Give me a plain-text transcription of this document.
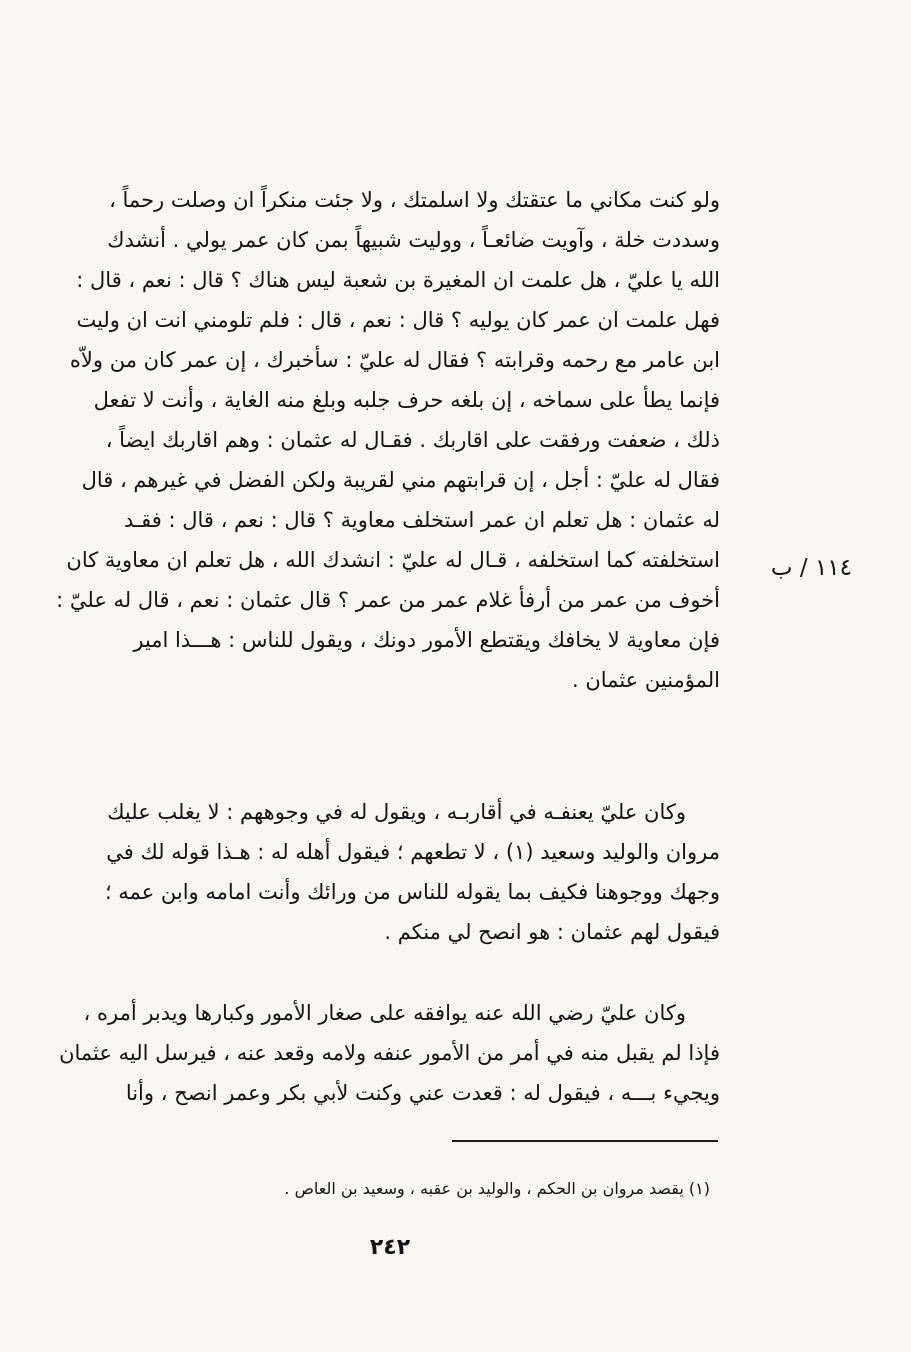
ولو كنت مكاني ما عتقتك ولا اسلمتك ، ولا جئت منكراً ان وصلت رحماً ،
وسددت خلة ، وآويت ضائعـاً ، ووليت شبيهاً بمن كان عمر يولي . أنشدك
الله يا عليّ ، هل علمت ان المغيرة بن شعبة ليس هناك ؟ قال : نعم ، قال :
فهل علمت ان عمر كان يوليه ؟ قال : نعم ، قال : فلم تلومني انت ان وليت
ابن عامر مع رحمه وقرابته ؟ فقال له عليّ : سأخبرك ، إن عمر كان من ولاّه
فإنما يطأ على سماخه ، إن بلغه حرف جلبه وبلغ منه الغاية ، وأنت لا تفعل
ذلك ، ضعفت ورفقت على اقاربك . فقـال له عثمان : وهم اقاربك ايضاً ،
فقال له عليّ : أجل ، إن قرابتهم مني لقريبة ولكن الفضل في غيرهم ، قال
له عثمان : هل تعلم ان عمر استخلف معاوية ؟ قال : نعم ، قال : فقـد
استخلفته كما استخلفه ، قـال له عليّ : انشدك الله ، هل تعلم ان معاوية كان
أخوف من عمر من أرفأ غلام عمر من عمر ؟ قال عثمان : نعم ، قال له عليّ :
فإن معاوية لا يخافك ويقتطع الأمور دونك ، ويقول للناس : هـــذا امير
المؤمنين عثمان .
١١٤ / ب
وكان عليّ يعنفـه في أقاربـه ، ويقول له في وجوههم : لا يغلب عليك
مروان والوليد وسعيد (١) ، لا تطعهم ؛ فيقول أهله له : هـذا قوله لك في
وجهك ووجوهنا فكيف بما يقوله للناس من ورائك وأنت امامه وابن عمه ؛
فيقول لهم عثمان : هو انصح لي منكم .
وكان عليّ رضي الله عنه يوافقه على صغار الأمور وكبارها ويدبر أمره ،
فإذا لم يقبل منه في أمر من الأمور عنفه ولامه وقعد عنه ، فيرسل اليه عثمان
ويجيء بـــه ، فيقول له : قعدت عني وكنت لأبي بكر وعمر انصح ، وأنا
(١) يقصد مروان بن الحكم ، والوليد بن عقبه ، وسعيد بن العاص .
٢٤٢
